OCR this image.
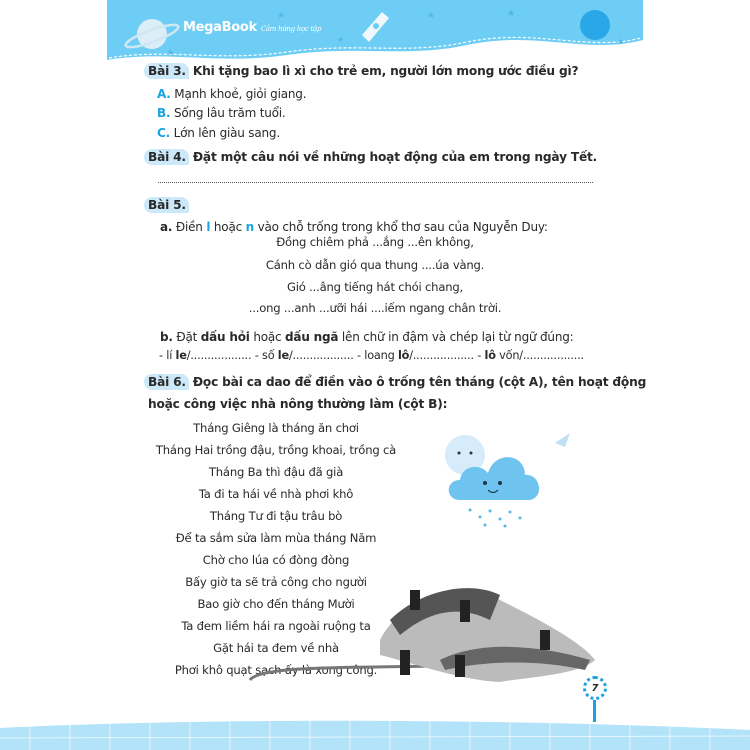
★
★
★	★
★
★
MegaBook Cảm hứng học tập
Bài 3. Khi tặng bao lì xì cho trẻ em, người lớn mong ước điều gì?
A. Mạnh khoẻ, giỏi giang.
B. Sống lâu trăm tuổi.
C. Lớn lên giàu sang.
Bài 4. Đặt một câu nói về những hoạt động của em trong ngày Tết.
Bài 5.
a. Điền l hoặc n vào chỗ trống trong khổ thơ sau của Nguyễn Duy:
Đồng chiêm phả ...ắng ...ên không,
Cánh cò dẫn gió qua thung ....úa vàng.
Gió ...âng tiếng hát chói chang,
...ong ...anh ...ưỡi hái ....iếm ngang chân trời.
b. Đặt dấu hỏi hoặc dấu ngã lên chữ in đậm và chép lại từ ngữ đúng:
- lí le/.................. - số le/.................. - loang lô/.................. - lô vốn/..................
Bài 6. Đọc bài ca dao để điền vào ô trống tên tháng (cột A), tên hoạt động
hoặc công việc nhà nông thường làm (cột B):
Tháng Giêng là tháng ăn chơi
Tháng Hai trồng đậu, trồng khoai, trồng cà
Tháng Ba thì đậu đã già
Ta đi ta hái về nhà phơi khô
Tháng Tư đi tậu trâu bò
Để ta sắm sửa làm mùa tháng Năm
Chờ cho lúa có đòng đòng
Bấy giờ ta sẽ trả công cho người
Bao giờ cho đến tháng Mười
Ta đem liềm hái ra ngoài ruộng ta
Gặt hái ta đem về nhà
Phơi khô quạt sạch ấy là xong công.
7
